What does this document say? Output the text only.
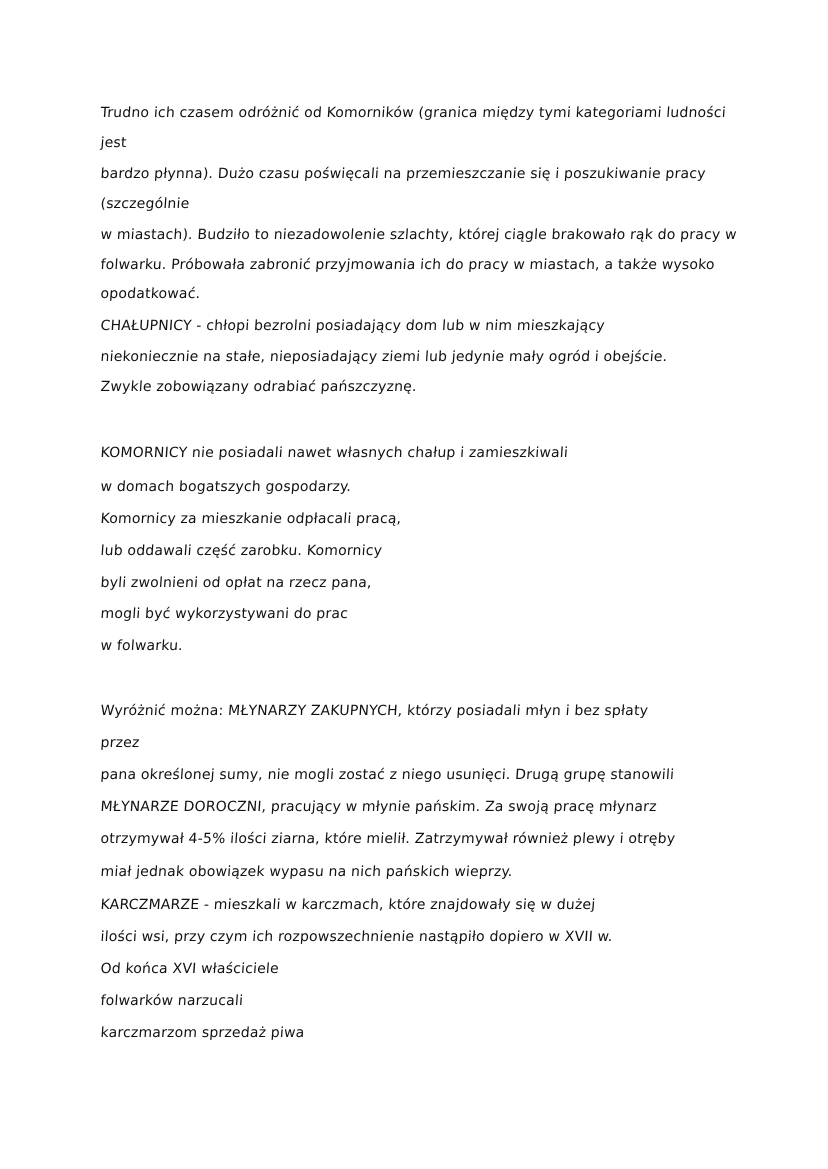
Trudno ich czasem odróżnić od Komorników (granica między tymi kategoriami ludności
jest
bardzo płynna). Dużo czasu poświęcali na przemieszczanie się i poszukiwanie pracy
(szczególnie
w miastach). Budziło to niezadowolenie szlachty, której ciągle brakowało rąk do pracy w
folwarku. Próbowała zabronić przyjmowania ich do pracy w miastach, a także wysoko
opodatkować.
CHAŁUPNICY - chłopi bezrolni posiadający dom lub w nim mieszkający
niekoniecznie na stałe, nieposiadający ziemi lub jedynie mały ogród i obejście.
Zwykle zobowiązany odrabiać pańszczyznę.
KOMORNICY nie posiadali nawet własnych chałup i zamieszkiwali
w domach bogatszych gospodarzy.
Komornicy za mieszkanie odpłacali pracą,
lub oddawali część zarobku. Komornicy
byli zwolnieni od opłat na rzecz pana,
mogli być wykorzystywani do prac
w folwarku.
Wyróżnić można: MŁYNARZY ZAKUPNYCH, którzy posiadali młyn i bez spłaty
przez
pana określonej sumy, nie mogli zostać z niego usunięci. Drugą grupę stanowili
MŁYNARZE DOROCZNI, pracujący w młynie pańskim. Za swoją pracę młynarz
otrzymywał 4-5% ilości ziarna, które mielił. Zatrzymywał również plewy i otręby
miał jednak obowiązek wypasu na nich pańskich wieprzy.
KARCZMARZE - mieszkali w karczmach, które znajdowały się w dużej
ilości wsi, przy czym ich rozpowszechnienie nastąpiło dopiero w XVII w.
Od końca XVI właściciele
folwarków narzucali
karczmarzom sprzedaż piwa
